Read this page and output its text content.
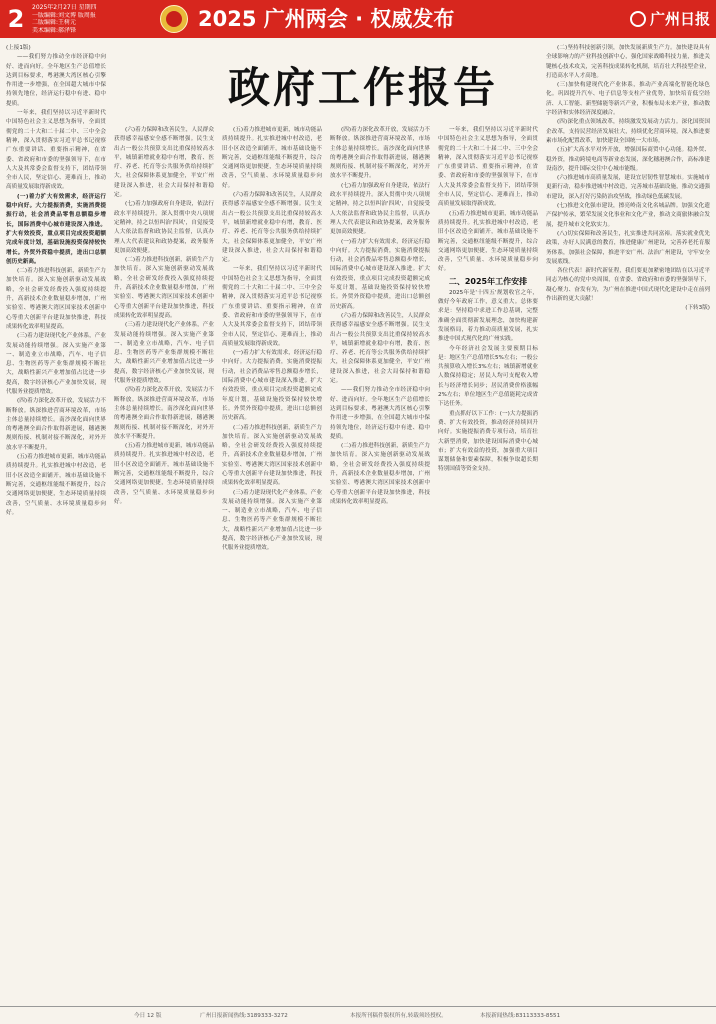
2 2025年2月27日 星期四
一版编辑:刘文博 版周报
二版编辑:王树元
美术编辑:郝泽锋	2025 广州两会 · 权威发布	广州日报

(上接1版)

——我们努力推动全市经济稳中向好、进而向好。全年地区生产总值增长达到目标要求，粤港澳大湾区核心引擎作用进一步增强，在全国超大城市中保持领先地位，经济运行稳中有进、稳中提质。

一年来，我们坚持以习近平新时代中国特色社会主义思想为指导，全面贯彻党的二十大和二十届二中、三中全会精神，深入贯彻落实习近平总书记视察广东重要讲话、重要指示精神，在省委、省政府和市委的坚强领导下，在市人大及其常委会监督支持下，团结带领全市人民，坚定信心、迎难而上，推动高质量发展取得新成效。

(一)着力扩大有效需求，经济运行稳中向好。大力提振消费，实施消费提振行动，社会消费品零售总额稳步增长，国际消费中心城市建设深入推进。扩大有效投资，重点项目完成投资超额完成年度计划，基础设施投资保持较快增长。外贸外资稳中提质，进出口总额创历史新高。

(二)着力推进科技创新，新质生产力加快培育。深入实施创新驱动发展战略，全社会研发经费投入强度持续提升，高新技术企业数量稳步增加，广州实验室、粤港澳大湾区国家技术创新中心等重大创新平台建设加快推进，科技成果转化效率明显提高。

(三)着力建设现代化产业体系，产业发展动能持续增强。深入实施产业第一、制造业立市战略，汽车、电子信息、生物医药等产业集群规模不断壮大，战略性新兴产业增加值占比进一步提高，数字经济核心产业加快发展，现代服务业提质增效。

(四)着力深化改革开放，发展活力不断释放。纵深推进营商环境改革，市场主体总量持续增长。南沙深化面向世界的粤港澳全面合作取得新进展，穗港澳规则衔接、机制对接不断深化，对外开放水平不断提升。

(五)着力推进城市更新，城市功能品质持续提升。扎实推进城中村改造，老旧小区改造全面铺开，城市基础设施不断完善，交通枢纽能级不断提升，综合交通网络更加便捷，生态环境质量持续改善，空气质量、水环境质量稳步向好。

政府工作报告

(六)着力保障和改善民生，人民群众获得感幸福感安全感不断增强。民生支出占一般公共预算支出比重保持较高水平，城镇新增就业稳中有增，教育、医疗、养老、托育等公共服务供给持续扩大，社会保障体系更加健全，平安广州建设深入推进，社会大局保持和谐稳定。

(七)着力加强政府自身建设，依法行政水平持续提升。深入贯彻中央八项规定精神，持之以恒纠治'四风'，自觉接受人大依法监督和政协民主监督，认真办理人大代表建议和政协提案，政务服务更加高效便捷。

(二)着力推进科技创新，新质生产力加快培育。深入实施创新驱动发展战略，全社会研发经费投入强度持续提升，高新技术企业数量稳步增加，广州实验室、粤港澳大湾区国家技术创新中心等重大创新平台建设加快推进，科技成果转化效率明显提高。

(三)着力建设现代化产业体系，产业发展动能持续增强。深入实施产业第一、制造业立市战略，汽车、电子信息、生物医药等产业集群规模不断壮大，战略性新兴产业增加值占比进一步提高，数字经济核心产业加快发展，现代服务业提质增效。

(四)着力深化改革开放，发展活力不断释放。纵深推进营商环境改革，市场主体总量持续增长。南沙深化面向世界的粤港澳全面合作取得新进展，穗港澳规则衔接、机制对接不断深化，对外开放水平不断提升。

(五)着力推进城市更新，城市功能品质持续提升。扎实推进城中村改造，老旧小区改造全面铺开，城市基础设施不断完善，交通枢纽能级不断提升，综合交通网络更加便捷，生态环境质量持续改善，空气质量、水环境质量稳步向好。

(五)着力推进城市更新，城市功能品质持续提升。扎实推进城中村改造，老旧小区改造全面铺开，城市基础设施不断完善，交通枢纽能级不断提升，综合交通网络更加便捷，生态环境质量持续改善，空气质量、水环境质量稳步向好。

(六)着力保障和改善民生，人民群众获得感幸福感安全感不断增强。民生支出占一般公共预算支出比重保持较高水平，城镇新增就业稳中有增，教育、医疗、养老、托育等公共服务供给持续扩大，社会保障体系更加健全，平安广州建设深入推进，社会大局保持和谐稳定。

一年来，我们坚持以习近平新时代中国特色社会主义思想为指导，全面贯彻党的二十大和二十届二中、三中全会精神，深入贯彻落实习近平总书记视察广东重要讲话、重要指示精神，在省委、省政府和市委的坚强领导下，在市人大及其常委会监督支持下，团结带领全市人民，坚定信心、迎难而上，推动高质量发展取得新成效。

(一)着力扩大有效需求，经济运行稳中向好。大力提振消费，实施消费提振行动，社会消费品零售总额稳步增长，国际消费中心城市建设深入推进。扩大有效投资，重点项目完成投资超额完成年度计划，基础设施投资保持较快增长。外贸外资稳中提质，进出口总额创历史新高。

(二)着力推进科技创新，新质生产力加快培育。深入实施创新驱动发展战略，全社会研发经费投入强度持续提升，高新技术企业数量稳步增加，广州实验室、粤港澳大湾区国家技术创新中心等重大创新平台建设加快推进，科技成果转化效率明显提高。

(三)着力建设现代化产业体系，产业发展动能持续增强。深入实施产业第一、制造业立市战略，汽车、电子信息、生物医药等产业集群规模不断壮大，战略性新兴产业增加值占比进一步提高，数字经济核心产业加快发展，现代服务业提质增效。

(四)着力深化改革开放，发展活力不断释放。纵深推进营商环境改革，市场主体总量持续增长。南沙深化面向世界的粤港澳全面合作取得新进展，穗港澳规则衔接、机制对接不断深化，对外开放水平不断提升。

(七)着力加强政府自身建设，依法行政水平持续提升。深入贯彻中央八项规定精神，持之以恒纠治'四风'，自觉接受人大依法监督和政协民主监督，认真办理人大代表建议和政协提案，政务服务更加高效便捷。

(一)着力扩大有效需求，经济运行稳中向好。大力提振消费，实施消费提振行动，社会消费品零售总额稳步增长，国际消费中心城市建设深入推进。扩大有效投资，重点项目完成投资超额完成年度计划，基础设施投资保持较快增长。外贸外资稳中提质，进出口总额创历史新高。

(六)着力保障和改善民生，人民群众获得感幸福感安全感不断增强。民生支出占一般公共预算支出比重保持较高水平，城镇新增就业稳中有增，教育、医疗、养老、托育等公共服务供给持续扩大，社会保障体系更加健全，平安广州建设深入推进，社会大局保持和谐稳定。

——我们努力推动全市经济稳中向好、进而向好。全年地区生产总值增长达到目标要求，粤港澳大湾区核心引擎作用进一步增强，在全国超大城市中保持领先地位，经济运行稳中有进、稳中提质。

(二)着力推进科技创新，新质生产力加快培育。深入实施创新驱动发展战略，全社会研发经费投入强度持续提升，高新技术企业数量稳步增加，广州实验室、粤港澳大湾区国家技术创新中心等重大创新平台建设加快推进，科技成果转化效率明显提高。

一年来，我们坚持以习近平新时代中国特色社会主义思想为指导，全面贯彻党的二十大和二十届二中、三中全会精神，深入贯彻落实习近平总书记视察广东重要讲话、重要指示精神，在省委、省政府和市委的坚强领导下，在市人大及其常委会监督支持下，团结带领全市人民，坚定信心、迎难而上，推动高质量发展取得新成效。

(五)着力推进城市更新，城市功能品质持续提升。扎实推进城中村改造，老旧小区改造全面铺开，城市基础设施不断完善，交通枢纽能级不断提升，综合交通网络更加便捷，生态环境质量持续改善，空气质量、水环境质量稳步向好。

二、2025年工作安排

2025年是'十四五'规划收官之年，做好今年政府工作，意义重大。总体要求是：坚持稳中求进工作总基调，完整准确全面贯彻新发展理念，加快构建新发展格局，着力推动高质量发展，扎实推进中国式现代化的广州实践。

今年经济社会发展主要预期目标是：地区生产总值增长5%左右；一般公共预算收入增长3%左右；城镇新增就业人数保持稳定；居民人均可支配收入增长与经济增长同步；居民消费价格涨幅2%左右；单位地区生产总值能耗完成省下达任务。

重点抓好以下工作：(一)大力提振消费、扩大有效投资，推动经济持续回升向好。实施提振消费专项行动，培育壮大新型消费，加快建设国际消费中心城市；扩大有效益的投资，加强重大项目谋划储备和要素保障，积极争取超长期特别国债等资金支持。

(二)坚持科技创新引领，加快发展新质生产力。加快建设具有全球影响力的产业科技创新中心，强化国家战略科技力量，推进关键核心技术攻关，完善科技成果转化机制，培育壮大科技型企业，打造高水平人才高地。

(三)加快构建现代化产业体系，推动产业高端化智能化绿色化。巩固提升汽车、电子信息等支柱产业优势，加快培育低空经济、人工智能、新型储能等新兴产业，积极布局未来产业，推动数字经济和实体经济深度融合。

(四)深化重点领域改革，持续激发发展动力活力。深化国资国企改革，支持民营经济发展壮大，持续优化营商环境，深入推进要素市场化配置改革，加快建设全国统一大市场。

(五)扩大高水平对外开放，增强国际商贸中心功能。稳外贸、稳外资，推动跨境电商等新业态发展，深化穗港澳合作，高标准建设南沙，提升国际交往中心城市能级。

(六)推进城市高质量发展，建设宜居韧性智慧城市。实施城市更新行动，稳步推进城中村改造，完善城市基础设施，推动交通强市建设，深入打好污染防治攻坚战，推动绿色低碳发展。

(七)推进文化强市建设，擦亮岭南文化名城品牌。加强文化遗产保护传承，繁荣发展文化事业和文化产业，推动文商旅体融合发展，提升城市文化软实力。

(八)切实保障和改善民生，扎实推进共同富裕。落实就业优先政策，办好人民满意的教育，推进健康广州建设，完善养老托育服务体系，加强社会保障，推进平安广州、法治广州建设，守牢安全发展底线。

各位代表！新时代新征程，我们要更加紧密地团结在以习近平同志为核心的党中央周围，在省委、省政府和市委的坚强领导下，凝心聚力、奋发有为，为广州在推进中国式现代化建设中走在前列作出新的更大贡献！

(下转3版)

今日 12 版	广州日报新闻热线:3189333-3272	本报所刊稿件版权所有,转载须经授权。	本报新闻热线:83113333-8551
